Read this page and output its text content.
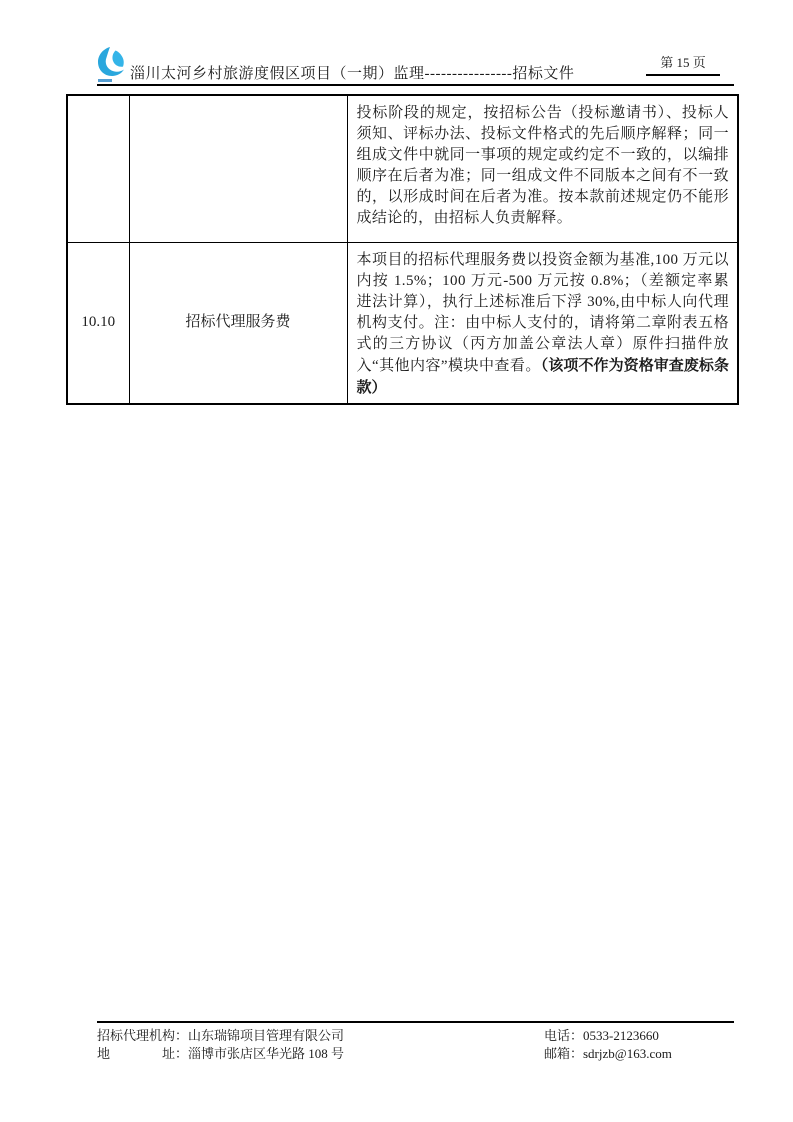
淄川太河乡村旅游度假区项目（一期）监理----------------招标文件
第 15 页
		投标阶段的规定，按招标公告（投标邀请书）、投标人须知、评标办法、投标文件格式的先后顺序解释；同一组成文件中就同一事项的规定或约定不一致的，以编排顺序在后者为准；同一组成文件不同版本之间有不一致的，以形成时间在后者为准。按本款前述规定仍不能形成结论的，由招标人负责解释。
10.10	招标代理服务费	本项目的招标代理服务费以投资金额为基准,100 万元以内按 1.5%；100 万元-500 万元按 0.8%；（差额定率累进法计算），执行上述标准后下浮 30%,由中标人向代理机构支付。注：由中标人支付的，请将第二章附表五格式的三方协议（丙方加盖公章法人章）原件扫描件放入“其他内容”模块中查看。（该项不作为资格审查废标条款）
招标代理机构：山东瑞锦项目管理有限公司	电话：0533-2123660
地　　　　址：淄博市张店区华光路 108 号	邮箱：sdrjzb@163.com
